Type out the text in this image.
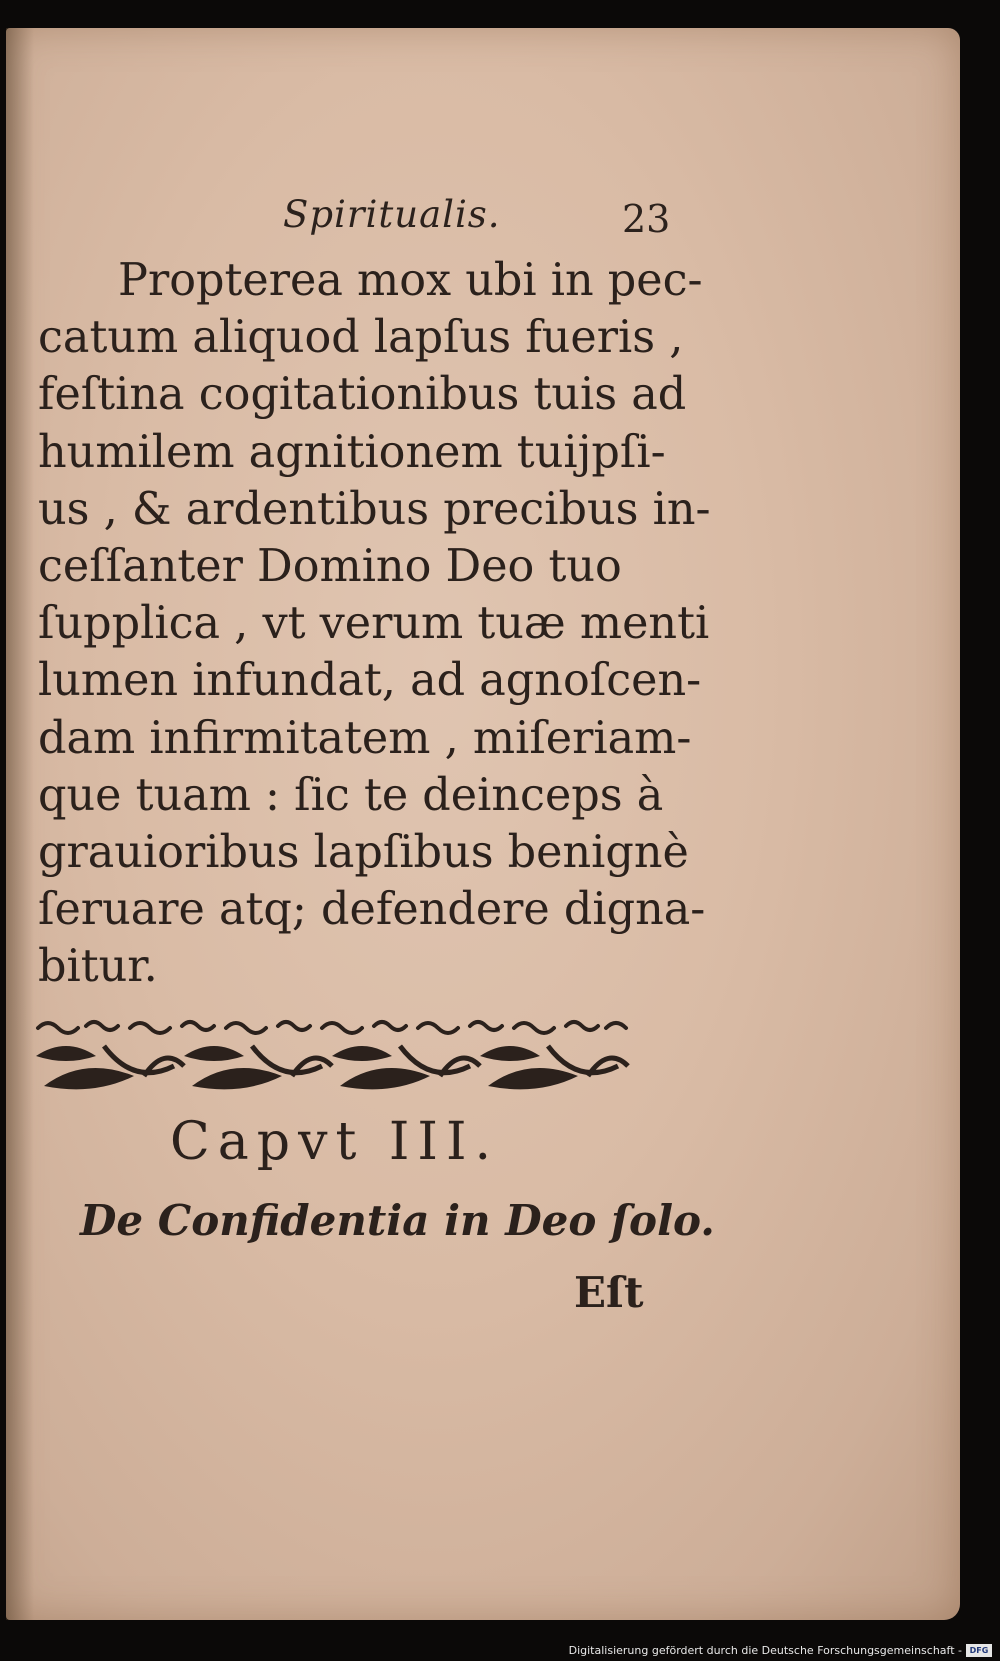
Spiritualis.	23
Propterea mox ubi in pec-
catum aliquod lapſus fueris ,
feſtina cogitationibus tuis ad
humilem agnitionem tuijpſi-
us , & ardentibus precibus in-
ceſſanter Domino Deo tuo
ſupplica , vt verum tuæ menti
lumen infundat, ad agnoſcen-
dam infirmitatem , miſeriam-
que tuam : ſic te deinceps à
grauioribus lapſibus benignè
ſeruare atq; defendere digna-
bitur.
Capvt III.
De Confidentia in Deo ſolo.
Eſt
Digitalisierung gefördert durch die Deutsche Forschungsgemeinschaft - DFG
